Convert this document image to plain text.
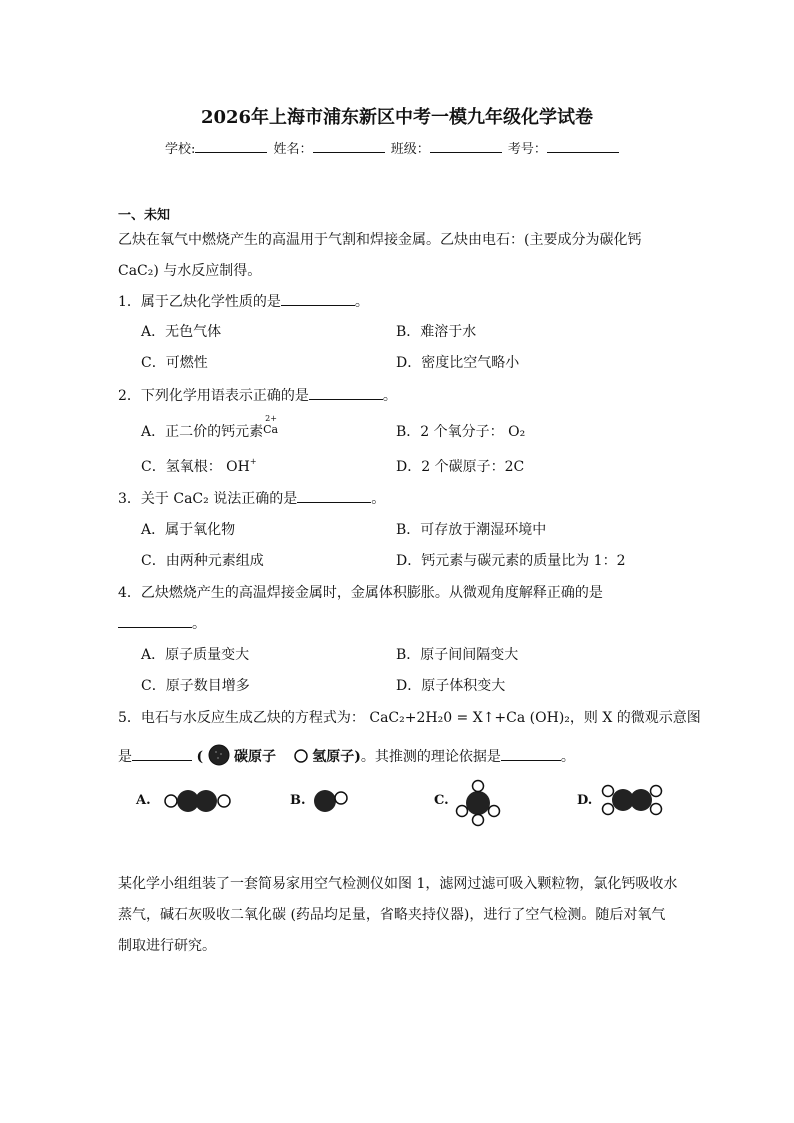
2026年上海市浦东新区中考一模九年级化学试卷
学校:	姓名：	班级：	考号：
一、未知
乙炔在氧气中燃烧产生的高温用于气割和焊接金属。乙炔由电石：(主要成分为碳化钙
CaC₂) 与水反应制得。
1．属于乙炔化学性质的是	。
A．无色气体	B．难溶于水
C．可燃性	D．密度比空气略小
2．下列化学用语表示正确的是	。
A．正二价的钙元素
2+
Ca	B．2 个氧分子： O₂
C．氢氧根： OH+	D．2 个碳原子：2C
3．关于 CaC₂ 说法正确的是	。
A．属于氧化物	B．可存放于潮湿环境中
C．由两种元素组成	D．钙元素与碳元素的质量比为 1：2
4．乙炔燃烧产生的高温焊接金属时，金属体积膨胀。从微观角度解释正确的是
。
A．原子质量变大	B．原子间间隔变大
C．原子数目增多	D．原子体积变大
5．电石与水反应生成乙炔的方程式为： CaC₂+2H₂0 = X↑+Ca (OH)₂，则 X 的微观示意图
是	( 碳原子	氢原子)。其推测的理论依据是	。
A.	B.	C.	D.
某化学小组组装了一套简易家用空气检测仪如图 1，滤网过滤可吸入颗粒物，氯化钙吸收水
蒸气，碱石灰吸收二氧化碳 (药品均足量，省略夹持仪器)，进行了空气检测。随后对氧气
制取进行研究。
